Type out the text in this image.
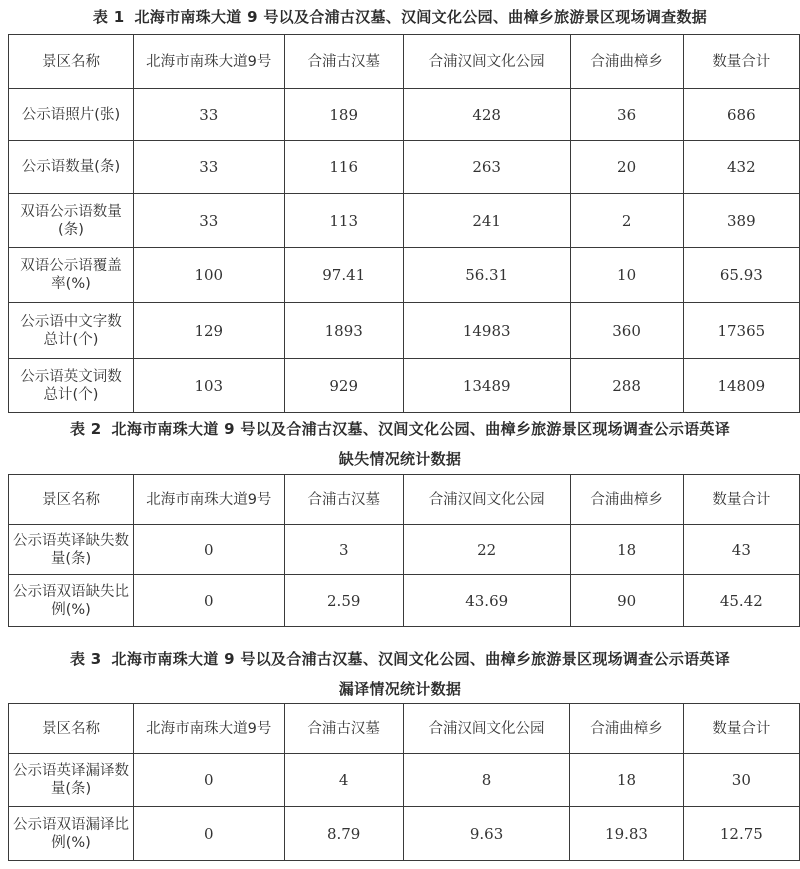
表 1 北海市南珠大道 9 号以及合浦古汉墓、汉闾文化公园、曲樟乡旅游景区现场调查数据
景区名称	北海市南珠大道9号	合浦古汉墓	合浦汉闾文化公园	合浦曲樟乡	数量合计
公示语照片(张)	33	189	428	36	686
公示语数量(条)	33	116	263	20	432
双语公示语数量(条)	33	113	241	2	389
双语公示语覆盖率(%)	100	97.41	56.31	10	65.93
公示语中文字数总计(个)	129	1893	14983	360	17365
公示语英文词数总计(个)	103	929	13489	288	14809
表 2 北海市南珠大道 9 号以及合浦古汉墓、汉闾文化公园、曲樟乡旅游景区现场调查公示语英译
缺失情况统计数据
景区名称	北海市南珠大道9号	合浦古汉墓	合浦汉闾文化公园	合浦曲樟乡	数量合计
公示语英译缺失数量(条)	0	3	22	18	43
公示语双语缺失比例(%)	0	2.59	43.69	90	45.42
表 3 北海市南珠大道 9 号以及合浦古汉墓、汉闾文化公园、曲樟乡旅游景区现场调查公示语英译
漏译情况统计数据
景区名称	北海市南珠大道9号	合浦古汉墓	合浦汉闾文化公园	合浦曲樟乡	数量合计
公示语英译漏译数量(条)	0	4	8	18	30
公示语双语漏译比例(%)	0	8.79	9.63	19.83	12.75
